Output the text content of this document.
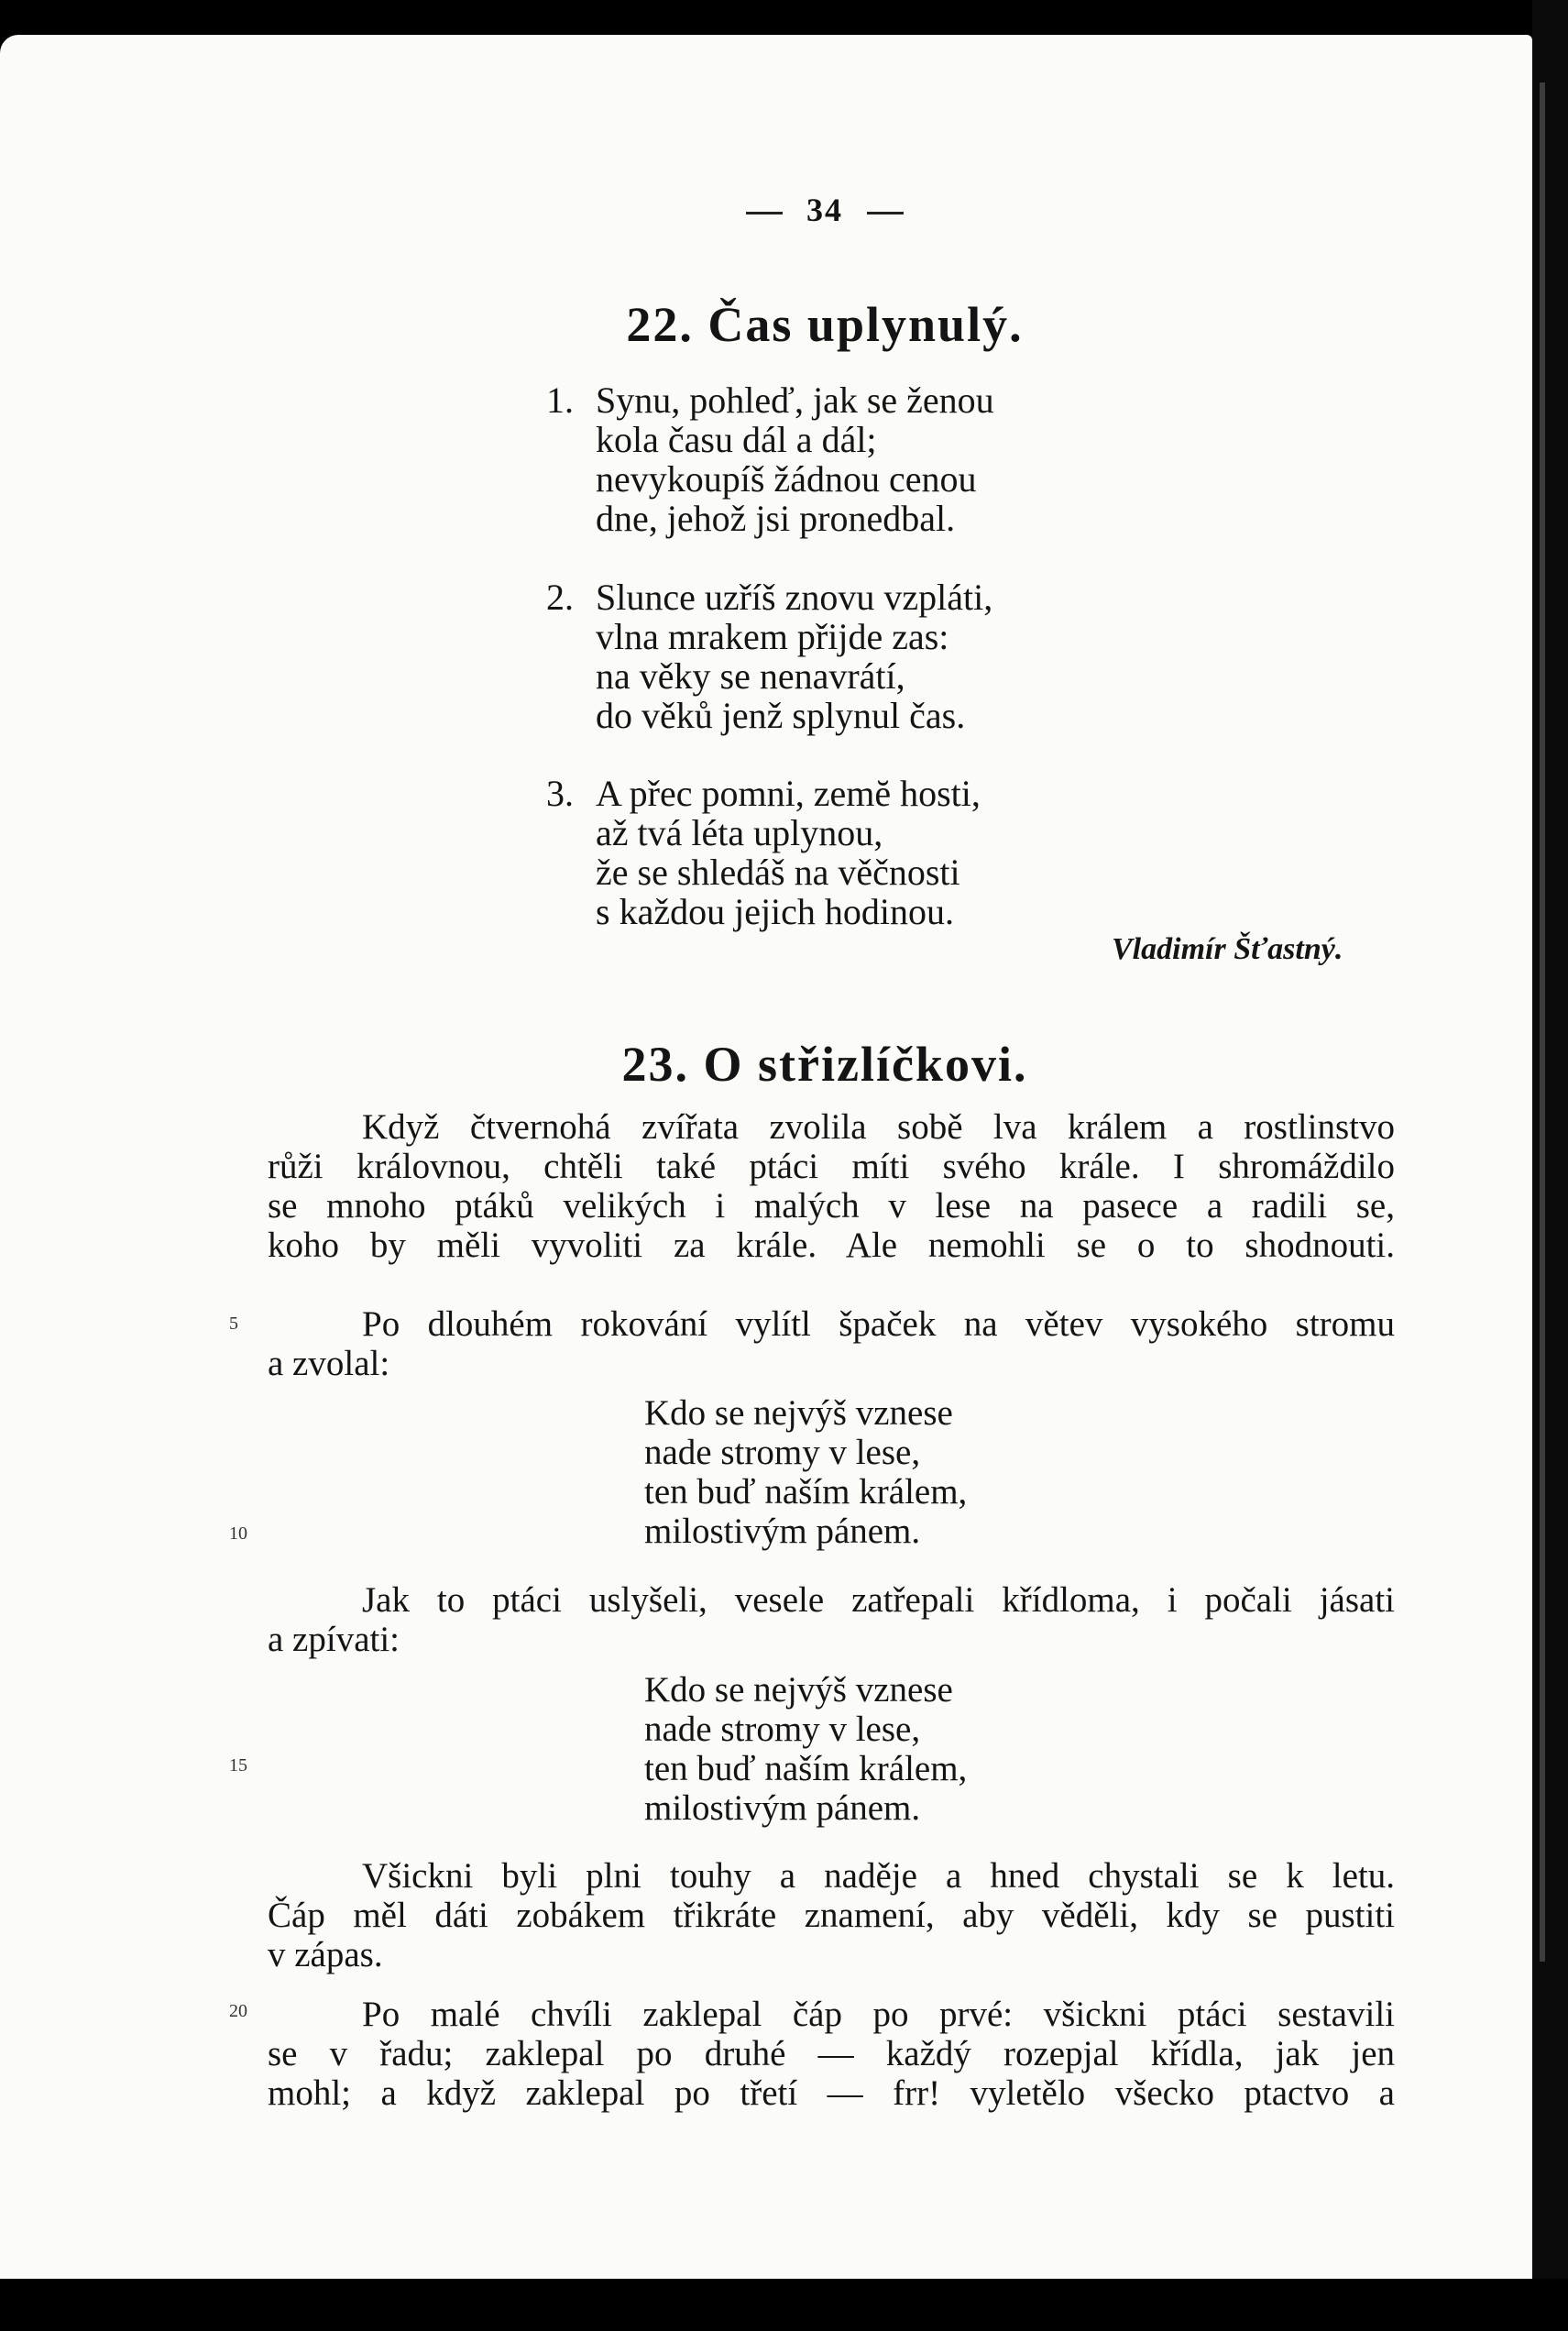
34
22. Čas uplynulý.
1. Synu, pohleď, jak se ženou
kola času dál a dál;
nevykoupíš žádnou cenou
dne, jehož jsi pronedbal.
2. Slunce uzříš znovu vzpláti,
vlna mrakem přijde zas:
na věky se nenavrátí,
do věků jenž splynul čas.
3. A přec pomni, zemĕ hosti,
až tvá léta uplynou,
že se shledáš na věčnosti
s každou jejich hodinou.
Vladimír Šťastný.
23. O střizlíčkovi.
Když čtvernohá zvířata zvolila sobě lva králem a rostlinstvo
růži královnou, chtěli také ptáci míti svého krále. I shromáždilo
se mnoho ptáků velikých i malých v lese na pasece a radili se,
koho by měli vyvoliti za krále. Ale nemohli se o to shodnouti.
Po dlouhém rokování vylítl špaček na větev vysokého stromu
a zvolal:
Kdo se nejvýš vznese
nade stromy v lese,
ten buď naším králem,
milostivým pánem.
Jak to ptáci uslyšeli, vesele zatřepali křídloma, i počali jásati
a zpívati:
Kdo se nejvýš vznese
nade stromy v lese,
ten buď naším králem,
milostivým pánem.
Všickni byli plni touhy a naděje a hned chystali se k letu.
Čáp měl dáti zobákem třikráte znamení, aby věděli, kdy se pustiti
v zápas.
Po malé chvíli zaklepal čáp po prvé: všickni ptáci sestavili
se v řadu; zaklepal po druhé — každý rozepjal křídla, jak jen
mohl; a když zaklepal po třetí — frr! vyletělo všecko ptactvo a
5
10
15
20
